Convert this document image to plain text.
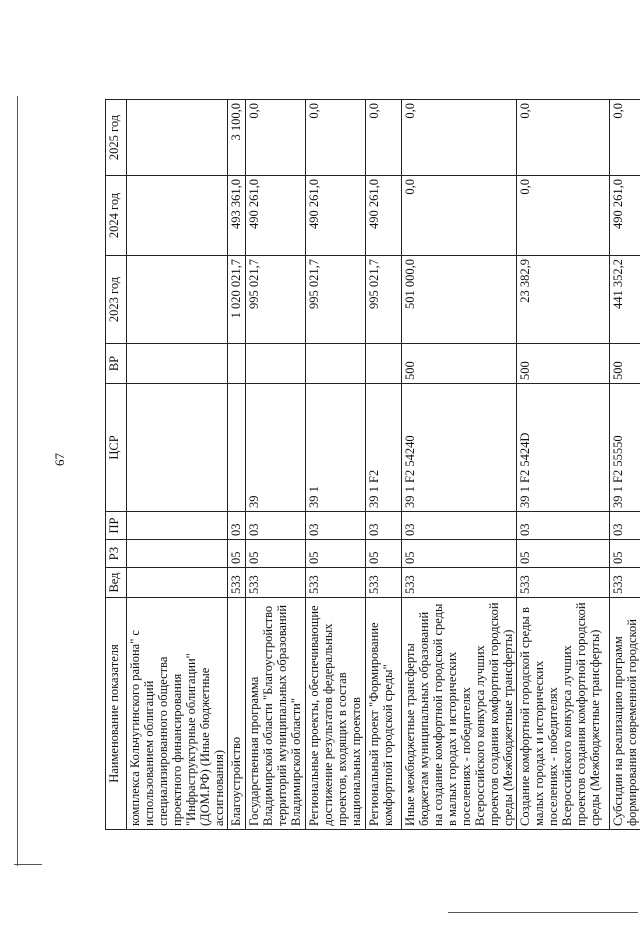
67
Наименование показателя	Вед	РЗ	ПР	ЦСР	ВР	2023 год	2024 год	2025 год
комплекса Кольчугинского района" с использованием облигаций специализированного общества проектного финансирования "Инфраструктурные облигации" (ДОМ.РФ) (Иные бюджетные ассигнования)								
Благоустройство	533	05	03			1 020 021,7	493 361,0	3 100,0
Государственная программа Владимирской области "Благоустройство территорий муниципальных образований Владимирской области"	533	05	03	39		995 021,7	490 261,0	0,0
Региональные проекты, обеспечивающие достижение результатов федеральных проектов, входящих в состав национальных проектов	533	05	03	39 1		995 021,7	490 261,0	0,0
Региональный проект "Формирование комфортной городской среды"	533	05	03	39 1 F2		995 021,7	490 261,0	0,0
Иные межбюджетные трансферты бюджетам муниципальных образований на создание комфортной городской среды в малых городах и исторических поселениях - победителях Всероссийского конкурса лучших проектов создания комфортной городской среды (Межбюджетные трансферты)	533	05	03	39 1 F2 54240	500	501 000,0	0,0	0,0
Создание комфортной городской среды в малых городах и исторических поселениях - победителях Всероссийского конкурса лучших проектов создания комфортной городской среды (Межбюджетные трансферты)	533	05	03	39 1 F2 5424D	500	23 382,9	0,0	0,0
Субсидии на реализацию программ формирования современной городской	533	05	03	39 1 F2 55550	500	441 352,2	490 261,0	0,0
